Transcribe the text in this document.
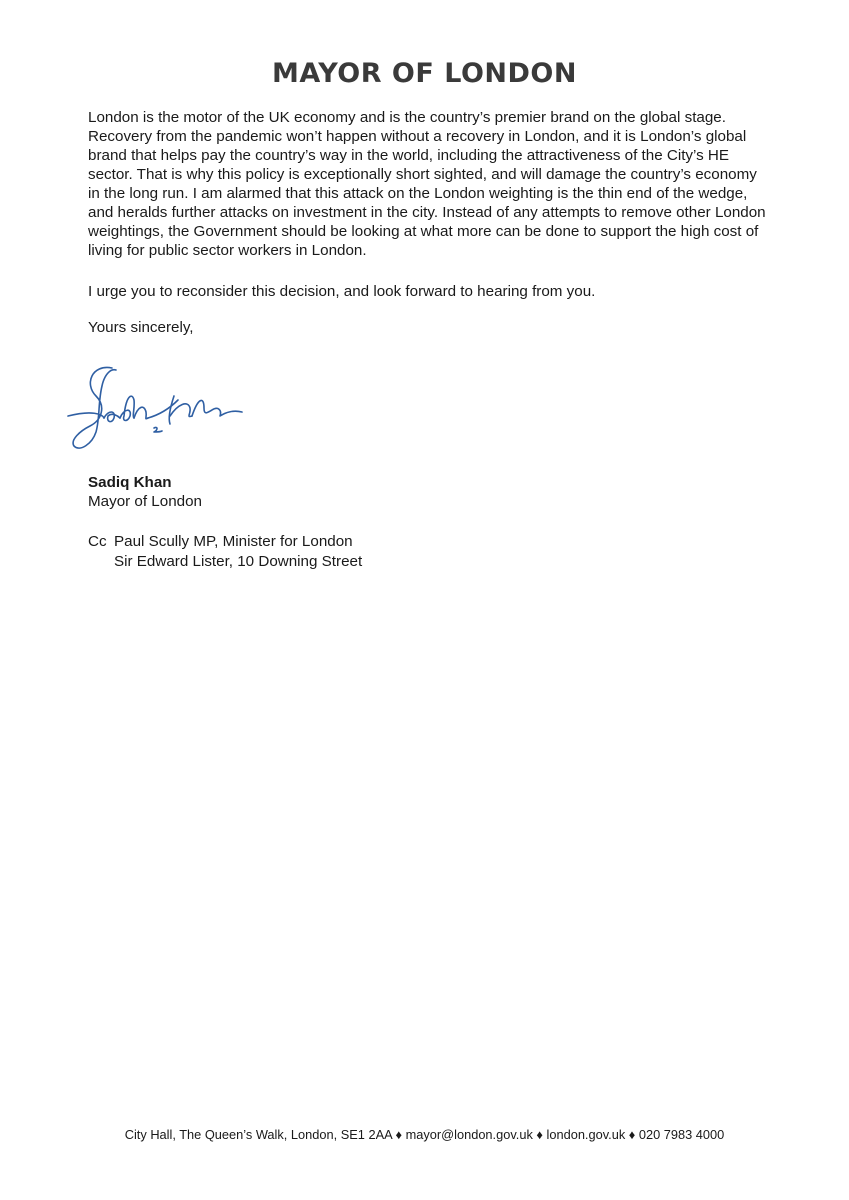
MAYOR OF LONDON

London is the motor of the UK economy and is the country’s premier brand on the global stage. Recovery from the pandemic won’t happen without a recovery in London, and it is London’s global brand that helps pay the country’s way in the world, including the attractiveness of the City’s HE sector. That is why this policy is exceptionally short sighted, and will damage the country’s economy in the long run. I am alarmed that this attack on the London weighting is the thin end of the wedge, and heralds further attacks on investment in the city. Instead of any attempts to remove other London weightings, the Government should be looking at what more can be done to support the high cost of living for public sector workers in London.

I urge you to reconsider this decision, and look forward to hearing from you.

Yours sincerely,

Sadiq Khan
Mayor of London
Cc Paul Scully MP, Minister for London
Sir Edward Lister, 10 Downing Street
City Hall, The Queen’s Walk, London, SE1 2AA ♦ mayor@london.gov.uk ♦ london.gov.uk ♦ 020 7983 4000
